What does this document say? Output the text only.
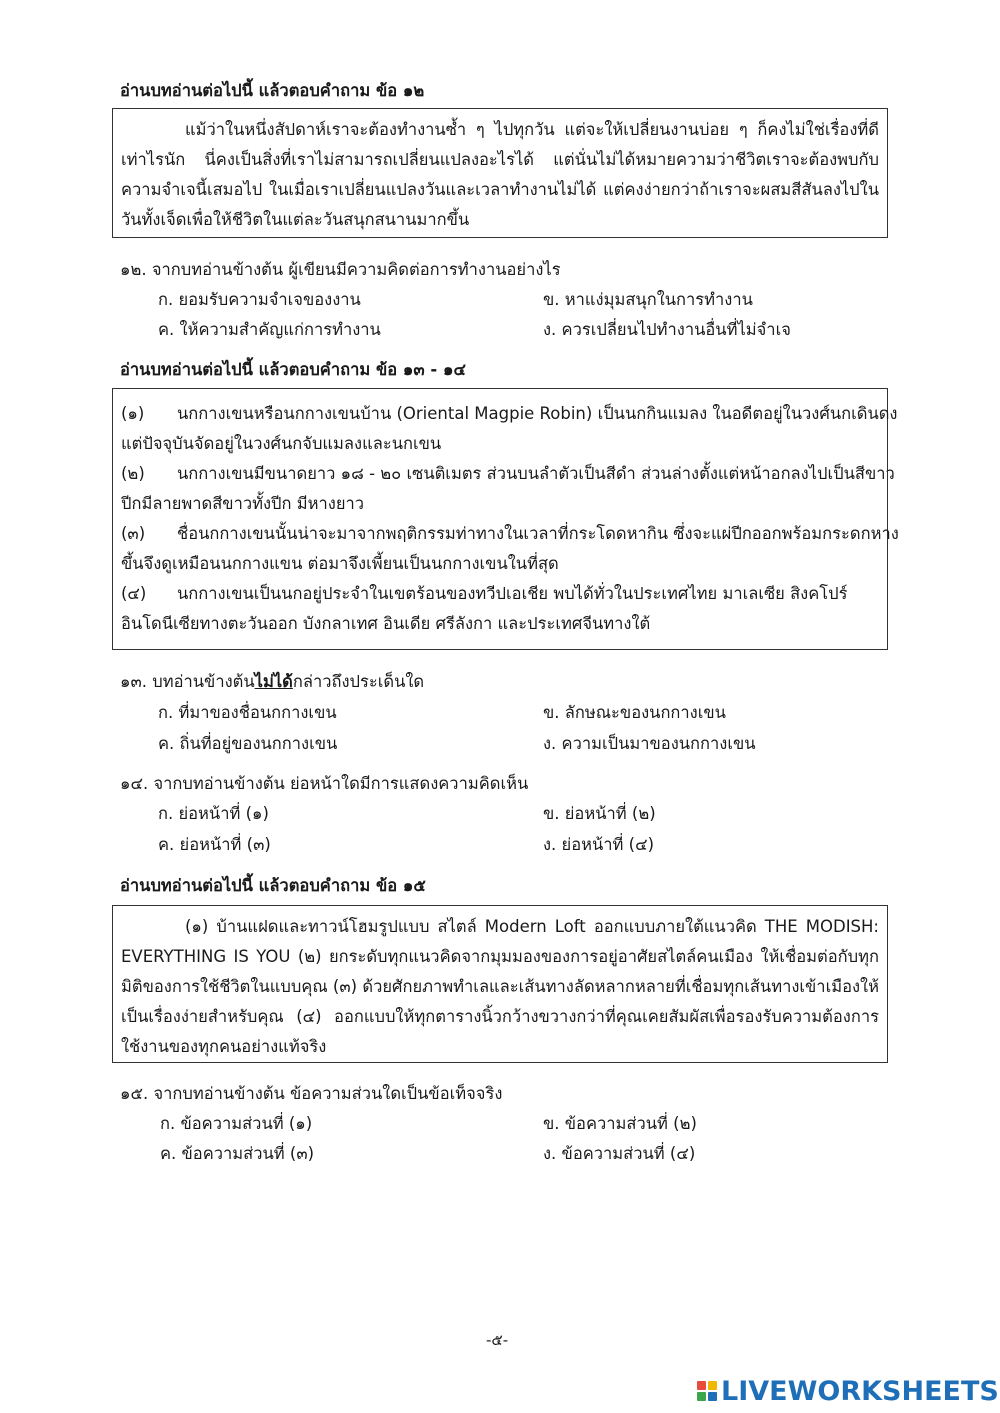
อ่านบทอ่านต่อไปนี้ แล้วตอบคำถาม ข้อ ๑๒
แม้ว่าในหนึ่งสัปดาห์เราจะต้องทำงานซ้ำ ๆ ไปทุกวัน แต่จะให้เปลี่ยนงานบ่อย ๆ ก็คงไม่ใช่เรื่องที่ดีเท่าไรนัก นี่คงเป็นสิ่งที่เราไม่สามารถเปลี่ยนแปลงอะไรได้ แต่นั่นไม่ได้หมายความว่าชีวิตเราจะต้องพบกับความจำเจนี้เสมอไป ในเมื่อเราเปลี่ยนแปลงวันและเวลาทำงานไม่ได้ แต่คงง่ายกว่าถ้าเราจะผสมสีสันลงไปในวันทั้งเจ็ดเพื่อให้ชีวิตในแต่ละวันสนุกสนานมากขึ้น
๑๒. จากบทอ่านข้างต้น ผู้เขียนมีความคิดต่อการทำงานอย่างไร
ก. ยอมรับความจำเจของงาน	ข. หาแง่มุมสนุกในการทำงาน
ค. ให้ความสำคัญแก่การทำงาน	ง. ควรเปลี่ยนไปทำงานอื่นที่ไม่จำเจ
อ่านบทอ่านต่อไปนี้ แล้วตอบคำถาม ข้อ ๑๓ - ๑๔
(๑) นกกางเขนหรือนกกางเขนบ้าน (Oriental Magpie Robin) เป็นนกกินแมลง ในอดีตอยู่ในวงศ์นกเดินดง
แต่ปัจจุบันจัดอยู่ในวงศ์นกจับแมลงและนกเขน
(๒) นกกางเขนมีขนาดยาว ๑๘ - ๒๐ เซนติเมตร ส่วนบนลำตัวเป็นสีดำ ส่วนล่างตั้งแต่หน้าอกลงไปเป็นสีขาว
ปีกมีลายพาดสีขาวทั้งปีก มีหางยาว
(๓) ชื่อนกกางเขนนั้นน่าจะมาจากพฤติกรรมท่าทางในเวลาที่กระโดดหากิน ซึ่งจะแผ่ปีกออกพร้อมกระดกหาง
ขึ้นจึงดูเหมือนนกกางแขน ต่อมาจึงเพี้ยนเป็นนกกางเขนในที่สุด
(๔) นกกางเขนเป็นนกอยู่ประจำในเขตร้อนของทวีปเอเชีย พบได้ทั่วในประเทศไทย มาเลเซีย สิงคโปร์
อินโดนีเซียทางตะวันออก บังกลาเทศ อินเดีย ศรีลังกา และประเทศจีนทางใต้
๑๓. บทอ่านข้างต้นไม่ได้กล่าวถึงประเด็นใด
ก. ที่มาของชื่อนกกางเขน	ข. ลักษณะของนกกางเขน
ค. ถิ่นที่อยู่ของนกกางเขน	ง. ความเป็นมาของนกกางเขน
๑๔. จากบทอ่านข้างต้น ย่อหน้าใดมีการแสดงความคิดเห็น
ก. ย่อหน้าที่ (๑)	ข. ย่อหน้าที่ (๒)
ค. ย่อหน้าที่ (๓)	ง. ย่อหน้าที่ (๔)
อ่านบทอ่านต่อไปนี้ แล้วตอบคำถาม ข้อ ๑๕
(๑) บ้านแฝดและทาวน์โฮมรูปแบบ สไตล์ Modern Loft ออกแบบภายใต้แนวคิด THE MODISH: EVERYTHING IS YOU (๒) ยกระดับทุกแนวคิดจากมุมมองของการอยู่อาศัยสไตล์คนเมือง ให้เชื่อมต่อกับทุกมิติของการใช้ชีวิตในแบบคุณ (๓) ด้วยศักยภาพทำเลและเส้นทางลัดหลากหลายที่เชื่อมทุกเส้นทางเข้าเมืองให้เป็นเรื่องง่ายสำหรับคุณ (๔) ออกแบบให้ทุกตารางนิ้วกว้างขวางกว่าที่คุณเคยสัมผัสเพื่อรองรับความต้องการใช้งานของทุกคนอย่างแท้จริง
๑๕. จากบทอ่านข้างต้น ข้อความส่วนใดเป็นข้อเท็จจริง
ก. ข้อความส่วนที่ (๑)	ข. ข้อความส่วนที่ (๒)
ค. ข้อความส่วนที่ (๓)	ง. ข้อความส่วนที่ (๔)
-๕-
LIVEWORKSHEETS
